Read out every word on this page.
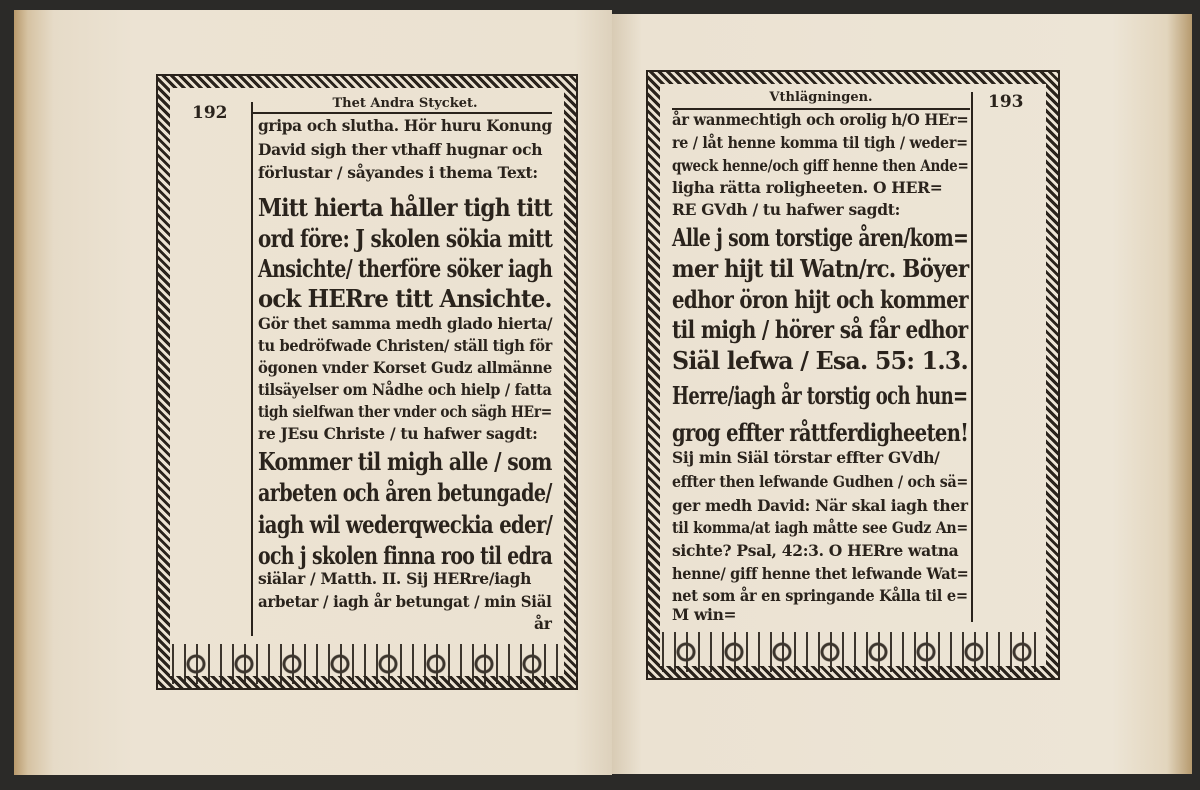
192	Thet Andra Stycket.	193
Vthlägningen.
gripa och slutha. Hör huru Konung
David sigh ther vthaff hugnar och
förlustar / såyandes i thema Text:
Mitt hierta håller tigh titt
ord före: J skolen sökia mitt
Ansichte/ therföre söker iagh
ock HERre titt Ansichte.
Gör thet samma medh glado hierta/
tu bedröfwade Christen/ ställ tigh för
ögonen vnder Korset Gudz allmänne
tilsäyelser om Nådhe och hielp / fatta
tigh sielfwan ther vnder och sägh HEr=
re JEsu Christe / tu hafwer sagdt:
Kommer til migh alle / som
arbeten och åren betungade/
iagh wil wederqweckia eder/
och j skolen finna roo til edra
siälar / Matth. II. Sij HERre/iagh
arbetar / iagh år betungat / min Siäl
år
år wanmechtigh och orolig h/O HEr=
re / låt henne komma til tigh / weder=
qweck henne/och giff henne then Ande=
ligha rätta roligheeten. O HER=
RE GVdh / tu hafwer sagdt:
Alle j som torstige åren/kom=
mer hijt til Watn/rc. Böyer
edhor öron hijt och kommer
til migh / hörer så får edhor
Siäl lefwa / Esa. 55: 1.3.
Herre/iagh år torstig och hun=
grog effter råttferdigheeten!
Sij min Siäl törstar effter GVdh/
effter then lefwande Gudhen / och sä=
ger medh David: När skal iagh ther
til komma/at iagh måtte see Gudz An=
sichte? Psal, 42:3. O HERre watna
henne/ giff henne thet lefwande Wat=
net som år en springande Kålla til e=
M win=
